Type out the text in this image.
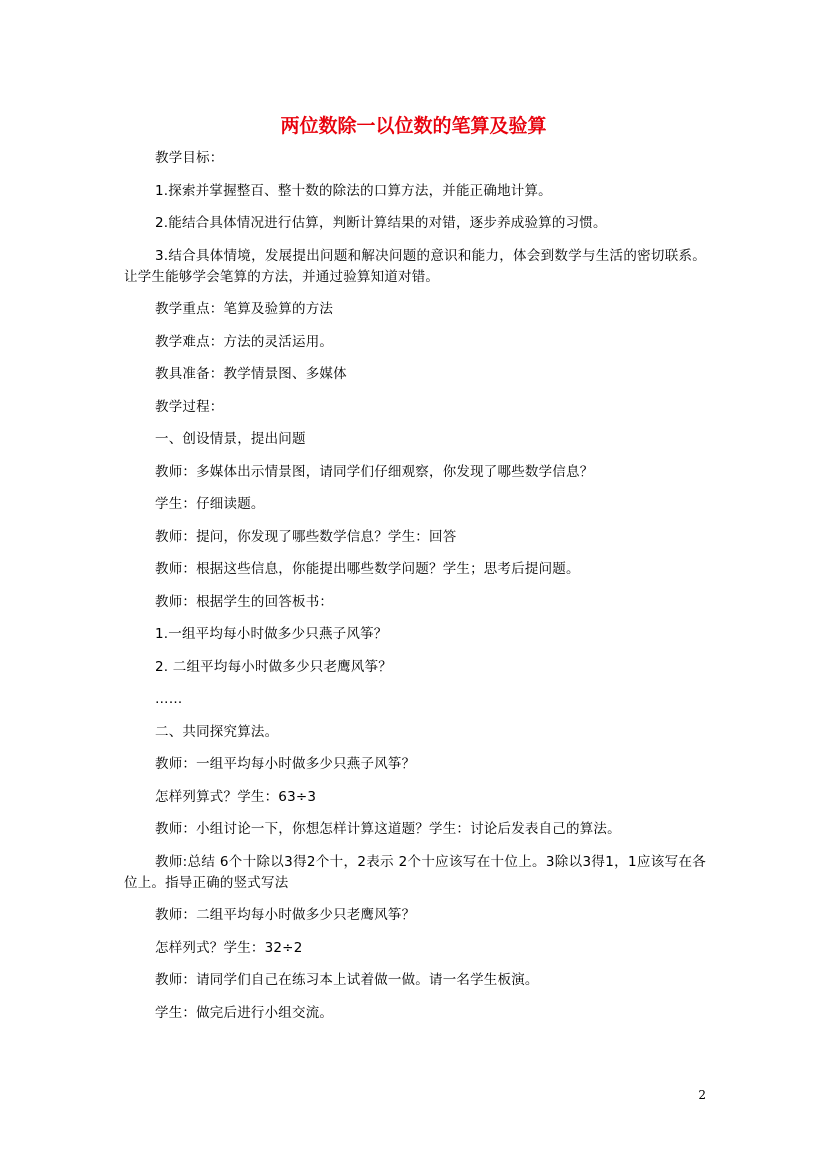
两位数除一以位数的笔算及验算

教学目标：

1.探索并掌握整百、整十数的除法的口算方法，并能正确地计算。

2.能结合具体情况进行估算，判断计算结果的对错，逐步养成验算的习惯。

3.结合具体情境，发展提出问题和解决问题的意识和能力，体会到数学与生活的密切联系。让学生能够学会笔算的方法，并通过验算知道对错。

教学重点：笔算及验算的方法

教学难点：方法的灵活运用。

教具准备：教学情景图、多媒体

教学过程：

一、创设情景，提出问题

教师：多媒体出示情景图，请同学们仔细观察，你发现了哪些数学信息？

学生：仔细读题。

教师：提问，你发现了哪些数学信息？学生：回答

教师：根据这些信息，你能提出哪些数学问题？学生；思考后提问题。

教师：根据学生的回答板书：

1.一组平均每小时做多少只燕子风筝？

2. 二组平均每小时做多少只老鹰风筝？

……

二、共同探究算法。

教师：一组平均每小时做多少只燕子风筝？

怎样列算式？学生：63÷3

教师：小组讨论一下，你想怎样计算这道题？学生：讨论后发表自己的算法。

教师:总结 6个十除以3得2个十，2表示 2个十应该写在十位上。3除以3得1，1应该写在各位上。指导正确的竖式写法

教师：二组平均每小时做多少只老鹰风筝？

怎样列式？学生：32÷2

教师：请同学们自己在练习本上试着做一做。请一名学生板演。

学生：做完后进行小组交流。

2
